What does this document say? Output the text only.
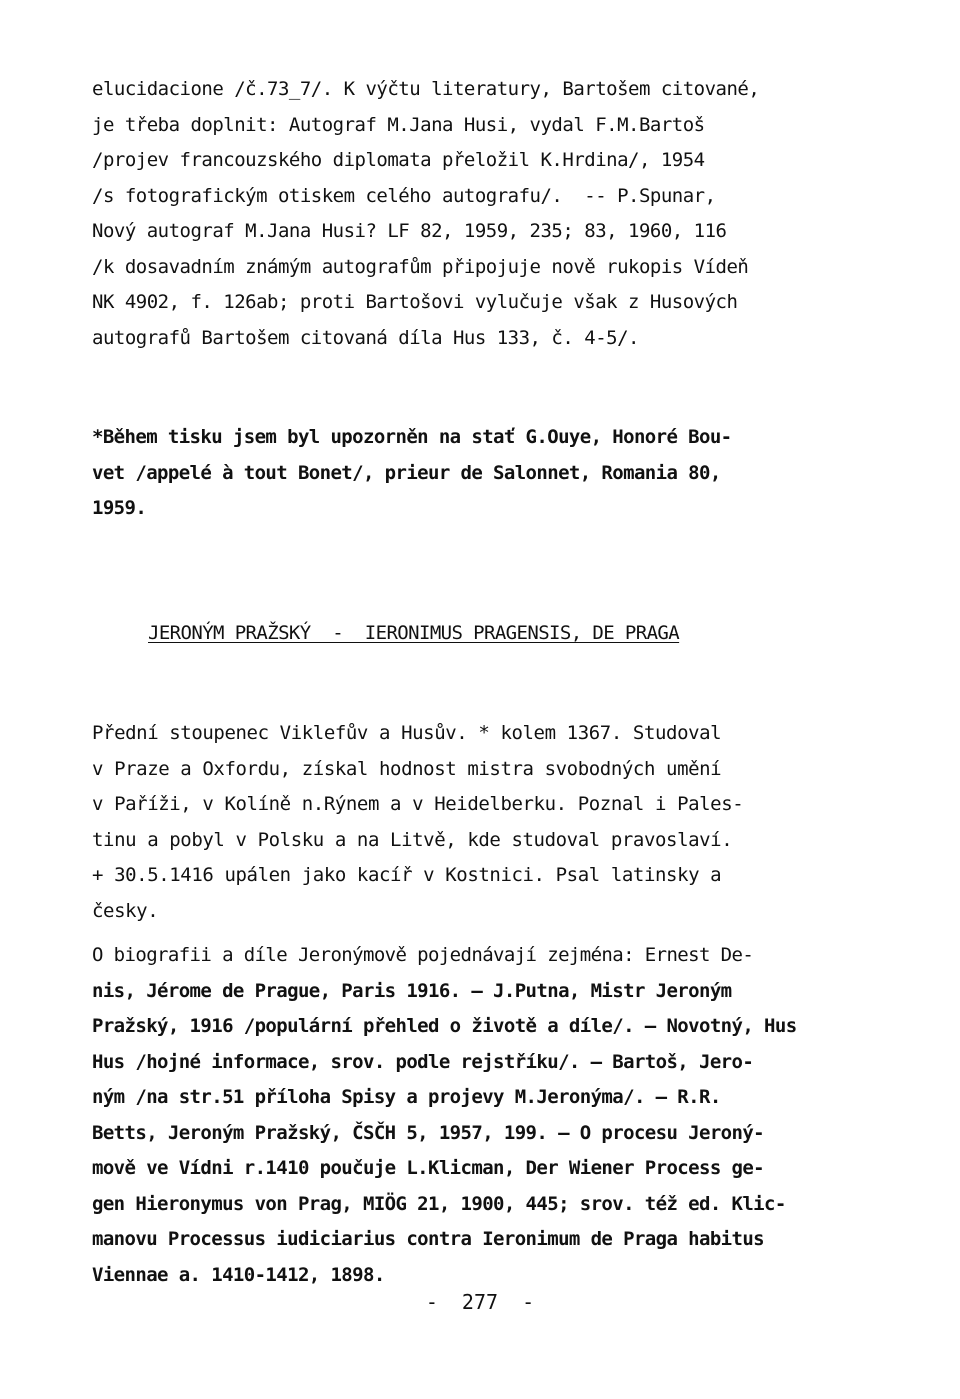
elucidacione /č.73_7/. K výčtu literatury, Bartošem citované,
je třeba doplnit: Autograf M.Jana Husi, vydal F.M.Bartoš
/projev francouzského diplomata přeložil K.Hrdina/, 1954
/s fotografickým otiskem celého autografu/.  -- P.Spunar,
Nový autograf M.Jana Husi? LF 82, 1959, 235; 83, 1960, 116
/k dosavadním známým autografům připojuje nově rukopis Vídeň
NK 4902, f. 126ab; proti Bartošovi vylučuje však z Husových
autografů Bartošem citovaná díla Hus 133, č. 4-5/.
*Během tisku jsem byl upozorněn na stať G.Ouye, Honoré Bou-
vet /appelé à tout Bonet/, prieur de Salonnet, Romania 80,
1959.
JERONÝM PRAŽSKÝ  -  IERONIMUS PRAGENSIS, DE PRAGA
Přední stoupenec Viklefův a Husův. * kolem 1367. Studoval
v Praze a Oxfordu, získal hodnost mistra svobodných umění
v Paříži, v Kolíně n.Rýnem a v Heidelberku. Poznal i Pales-
tinu a pobyl v Polsku a na Litvě, kde studoval pravoslaví.
+ 30.5.1416 upálen jako kacíř v Kostnici. Psal latinsky a
česky.
O biografii a díle Jeronýmově pojednávají zejména: Ernest De-
nis, Jérome de Prague, Paris 1916. — J.Putna, Mistr Jeroným
Pražský, 1916 /populární přehled o životě a díle/. — Novotný, Hus
Hus /hojné informace, srov. podle rejstříku/. — Bartoš, Jero-
ným /na str.51 příloha Spisy a projevy M.Jeronýma/. — R.R.
Betts, Jeroným Pražský, ČSČH 5, 1957, 199. — O procesu Jeroný-
mově ve Vídni r.1410 poučuje L.Klicman, Der Wiener Process ge-
gen Hieronymus von Prag, MIÖG 21, 1900, 445; srov. též ed. Klic-
manovu Processus iudiciarius contra Ieronimum de Praga habitus
Viennae a. 1410-1412, 1898.
-  277  -
